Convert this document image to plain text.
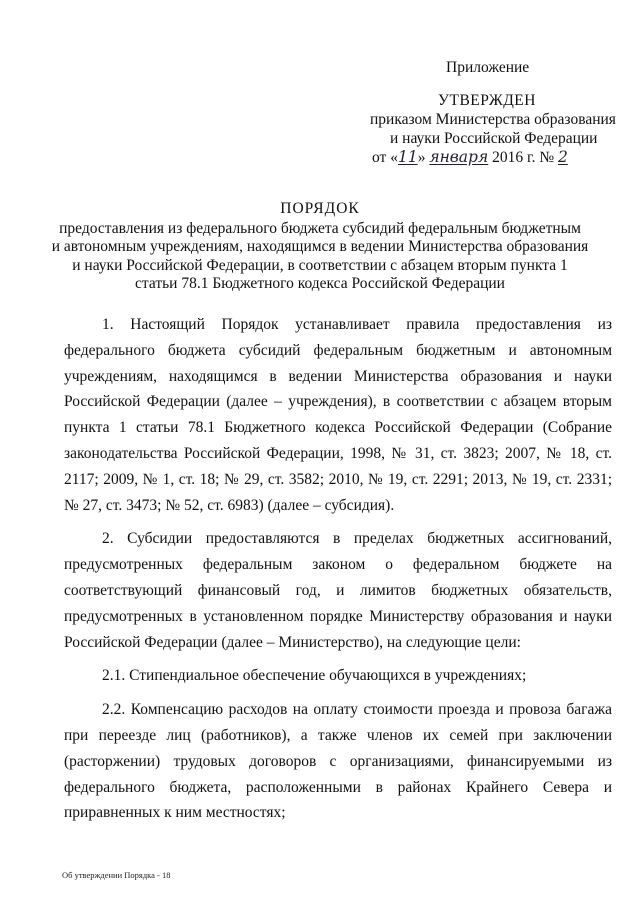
Приложение
УТВЕРЖДЕН
приказом Министерства образования
и науки Российской Федерации
от «11» января 2016 г. № 2
ПОРЯДОК
предоставления из федерального бюджета субсидий федеральным бюджетным
и автономным учреждениям, находящимся в ведении Министерства образования
и науки Российской Федерации, в соответствии с абзацем вторым пункта 1
статьи 78.1 Бюджетного кодекса Российской Федерации

1. Настоящий Порядок устанавливает правила предоставления из федерального бюджета субсидий федеральным бюджетным и автономным учреждениям, находящимся в ведении Министерства образования и науки Российской Федерации (далее – учреждения), в соответствии с абзацем вторым пункта 1 статьи 78.1 Бюджетного кодекса Российской Федерации (Собрание законодательства Российской Федерации, 1998, № 31, ст. 3823; 2007, № 18, ст. 2117; 2009, № 1, ст. 18; № 29, ст. 3582; 2010, № 19, ст. 2291; 2013, № 19, ст. 2331; № 27, ст. 3473; № 52, ст. 6983) (далее – субсидия).

2. Субсидии предоставляются в пределах бюджетных ассигнований, предусмотренных федеральным законом о федеральном бюджете на соответствующий финансовый год, и лимитов бюджетных обязательств, предусмотренных в установленном порядке Министерству образования и науки Российской Федерации (далее – Министерство), на следующие цели:

2.1. Стипендиальное обеспечение обучающихся в учреждениях;

2.2. Компенсацию расходов на оплату стоимости проезда и провоза багажа при переезде лиц (работников), а также членов их семей при заключении (расторжении) трудовых договоров с организациями, финансируемыми из федерального бюджета, расположенными в районах Крайнего Севера и приравненных к ним местностях;

Об утверждении Порядка - 18
